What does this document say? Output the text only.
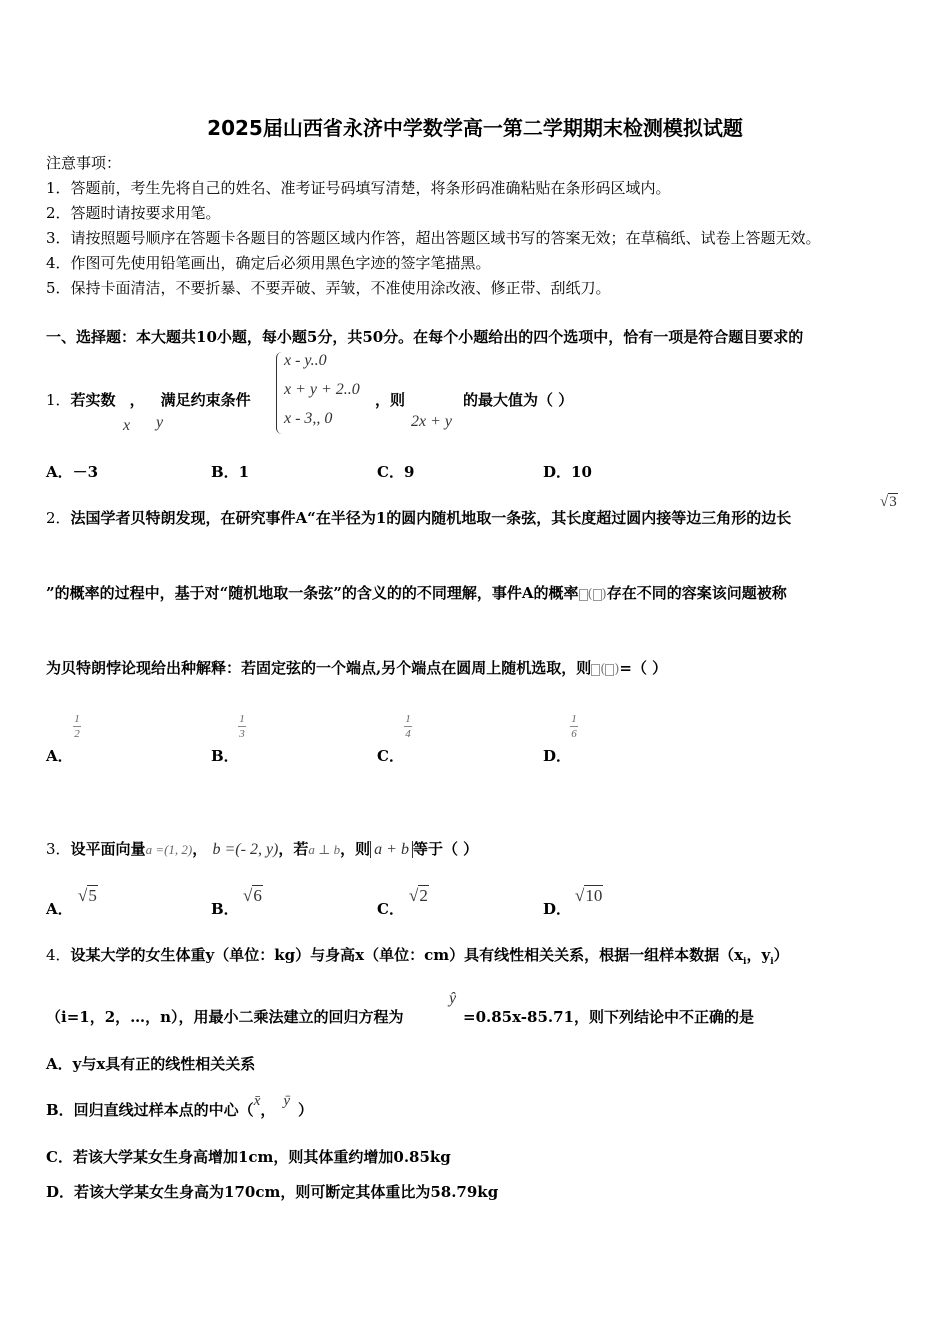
2025届山西省永济中学数学高一第二学期期末检测模拟试题
注意事项：
1．答题前，考生先将自己的姓名、准考证号码填写清楚，将条形码准确粘贴在条形码区域内。
2．答题时请按要求用笔。
3．请按照题号顺序在答题卡各题目的答题区域内作答，超出答题区域书写的答案无效；在草稿纸、试卷上答题无效。
4．作图可先使用铅笔画出，确定后必须用黑色字迹的签字笔描黑。
5．保持卡面清洁，不要折暴、不要弄破、弄皱，不准使用涂改液、修正带、刮纸刀。
一、选择题：本大题共10小题，每小题5分，共50分。在每个小题给出的四个选项中，恰有一项是符合题目要求的
1．若实数 ， 满足约束条件
x y
x - y..0
x + y + 2..0
x - 3,, 0
，则
2x + y
的最大值为（ ）
A．－3	B．1	C．9	D．10
2．法国学者贝特朗发现，在研究事件A“在半径为1的圆内随机地取一条弦，其长度超过圆内接等边三角形的边长
√3
”的概率的过程中，基于对“随机地取一条弦”的含义的的不同理解，事件A的概率 ( )存在不同的容案该问题被称
为贝特朗悖论现给出种解释：若固定弦的一个端点,另个端点在圆周上随机选取，则 ( )=（ ）
1
2
A．
1
3
B．
1
4
C．
1
6
D．
3．设平面向量a =(1, 2)， b =(- 2, y)，若a ⊥ b，则 a + b 等于（ ）
A．
√5
B．
√6
C．
√2
D．
√10
4．设某大学的女生体重y（单位：kg）与身高x（单位：cm）具有线性相关关系，根据一组样本数据（$x_i$，$y_i$）
（i=1，2，…，n），用最小二乘法建立的回归方程为
ŷ
=0.85x-85.71，则下列结论中不正确的是
A．y与x具有正的线性相关关系
B．回归直线过样本点的中心（x̄， ȳ ）
C．若该大学某女生身高增加1cm，则其体重约增加0.85kg
D．若该大学某女生身高为170cm，则可断定其体重比为58.79kg
